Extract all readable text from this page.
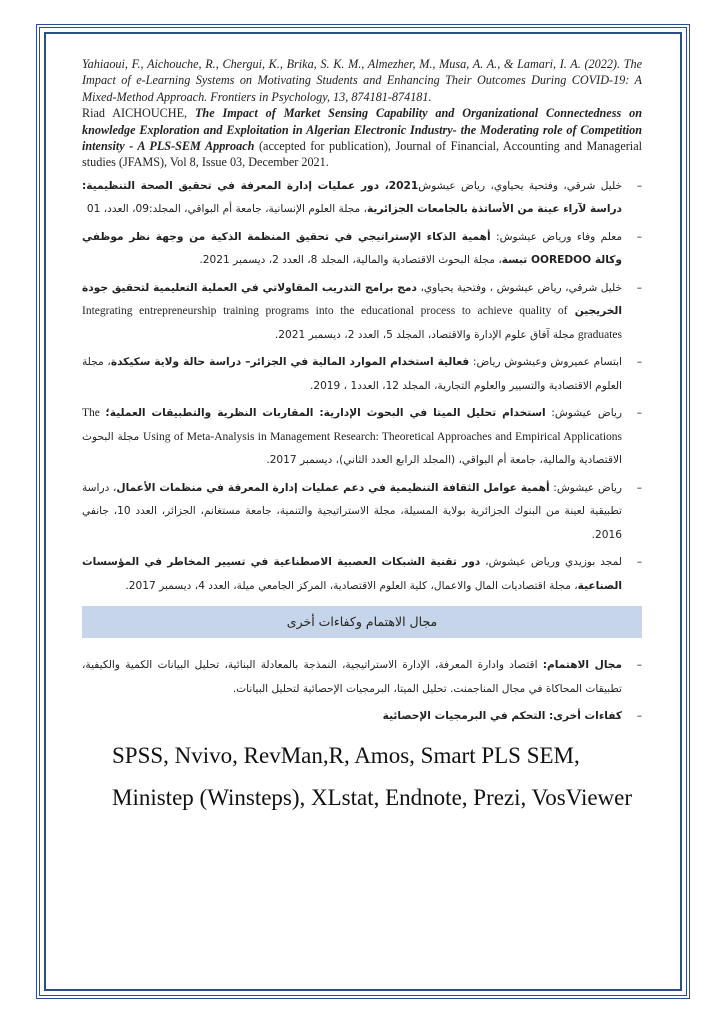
Yahiaoui, F., Aichouche, R., Chergui, K., Brika, S. K. M., Almezher, M., Musa, A. A., & Lamari, I. A. (2022). The Impact of e-Learning Systems on Motivating Students and Enhancing Their Outcomes During COVID-19: A Mixed-Method Approach. Frontiers in Psychology, 13, 874181-874181.

Riad AICHOUCHE, The Impact of Market Sensing Capability and Organizational Connectedness on knowledge Exploration and Exploitation in Algerian Electronic Industry- the Moderating role of Competition intensity - A PLS-SEM Approach (accepted for publication), Journal of Financial, Accounting and Managerial studies (JFAMS), Vol 8, Issue 03, December 2021.

–
خليل شرقي، وفتحية يحياوي، رياض عيشوش2021، دور عمليات إدارة المعرفة في تحقيق الصحة التنظيمية: دراسة لآراء عينة من الأساتذة بالجامعات الجزائرية، مجلة العلوم الإنسانية، جامعة أم البواقي، المجلد:09، العدد، 01

–
معلم وفاء ورياض عيشوش: أهمية الذكاء الإستراتيجي في تحقيق المنظمة الذكية من وجهة نظر موظفي وكالة OOREDOO تبسة، مجلة البحوث الاقتصادية والمالية، المجلد 8، العدد 2، ديسمبر 2021.

–
خليل شرقي، رياض عيشوش ، وفتحية يحياوي، دمج برامج التدريب المقاولاتي في العملية التعليمية لتحقيق جودة الخريجين Integrating entrepreneurship training programs into the educational process to achieve quality of graduates مجلة آفاق علوم الإدارة والاقتصاد، المجلد 5، العدد 2، ديسمبر 2021.

–
ابتسام عميروش وعيشوش رياض: فعالية استخدام الموارد المالية في الجزائر– دراسة حالة ولاية سكيكدة، مجلة العلوم الاقتصادية والتسيير والعلوم التجارية، المجلد 12، العدد1 ، 2019.

–
رياض عيشوش: استخدام تحليل الميتا في البحوث الإدارية: المقاربات النظرية والتطبيقات العملية؛ The Using of Meta-Analysis in Management Research: Theoretical Approaches and Empirical Applications مجلة البحوث الاقتصادية والمالية، جامعة أم البواقي، (المجلد الرابع العدد الثاني)، ديسمبر 2017.

–
رياض عيشوش: أهمية عوامل الثقافة التنظيمية في دعم عمليات إدارة المعرفة في منظمات الأعمال، دراسة تطبيقية لعينة من البنوك الجزائرية بولاية المسيلة، مجلة الاستراتيجية والتنمية، جامعة مستغانم، الجزائر، العدد 10، جانفي 2016.

–
لمجد بوزيدي ورياض عيشوش، دور تقنية الشبكات العصبية الاصطناعية في تسيير المخاطر في المؤسسات الصناعية، مجلة اقتصاديات المال والاعمال، كلية العلوم الاقتصادية، المركز الجامعي ميلة، العدد 4، ديسمبر 2017.

مجال الاهتمام وكفاءات أخرى

–
مجال الاهتمام: اقتصاد وادارة المعرفة، الإدارة الاستراتيجية، النمذجة بالمعادلة البنائية، تحليل البيانات الكمية والكيفية، تطبيقات المحاكاة في مجال المناجمنت. تحليل الميتا، البرمجيات الإحصائية لتحليل البيانات.

–
كفاءات أخرى: التحكم في البرمجيات الإحصائية

SPSS, Nvivo, RevMan,R, Amos, Smart PLS SEM,
Ministep (Winsteps), XLstat, Endnote, Prezi, VosViewer
